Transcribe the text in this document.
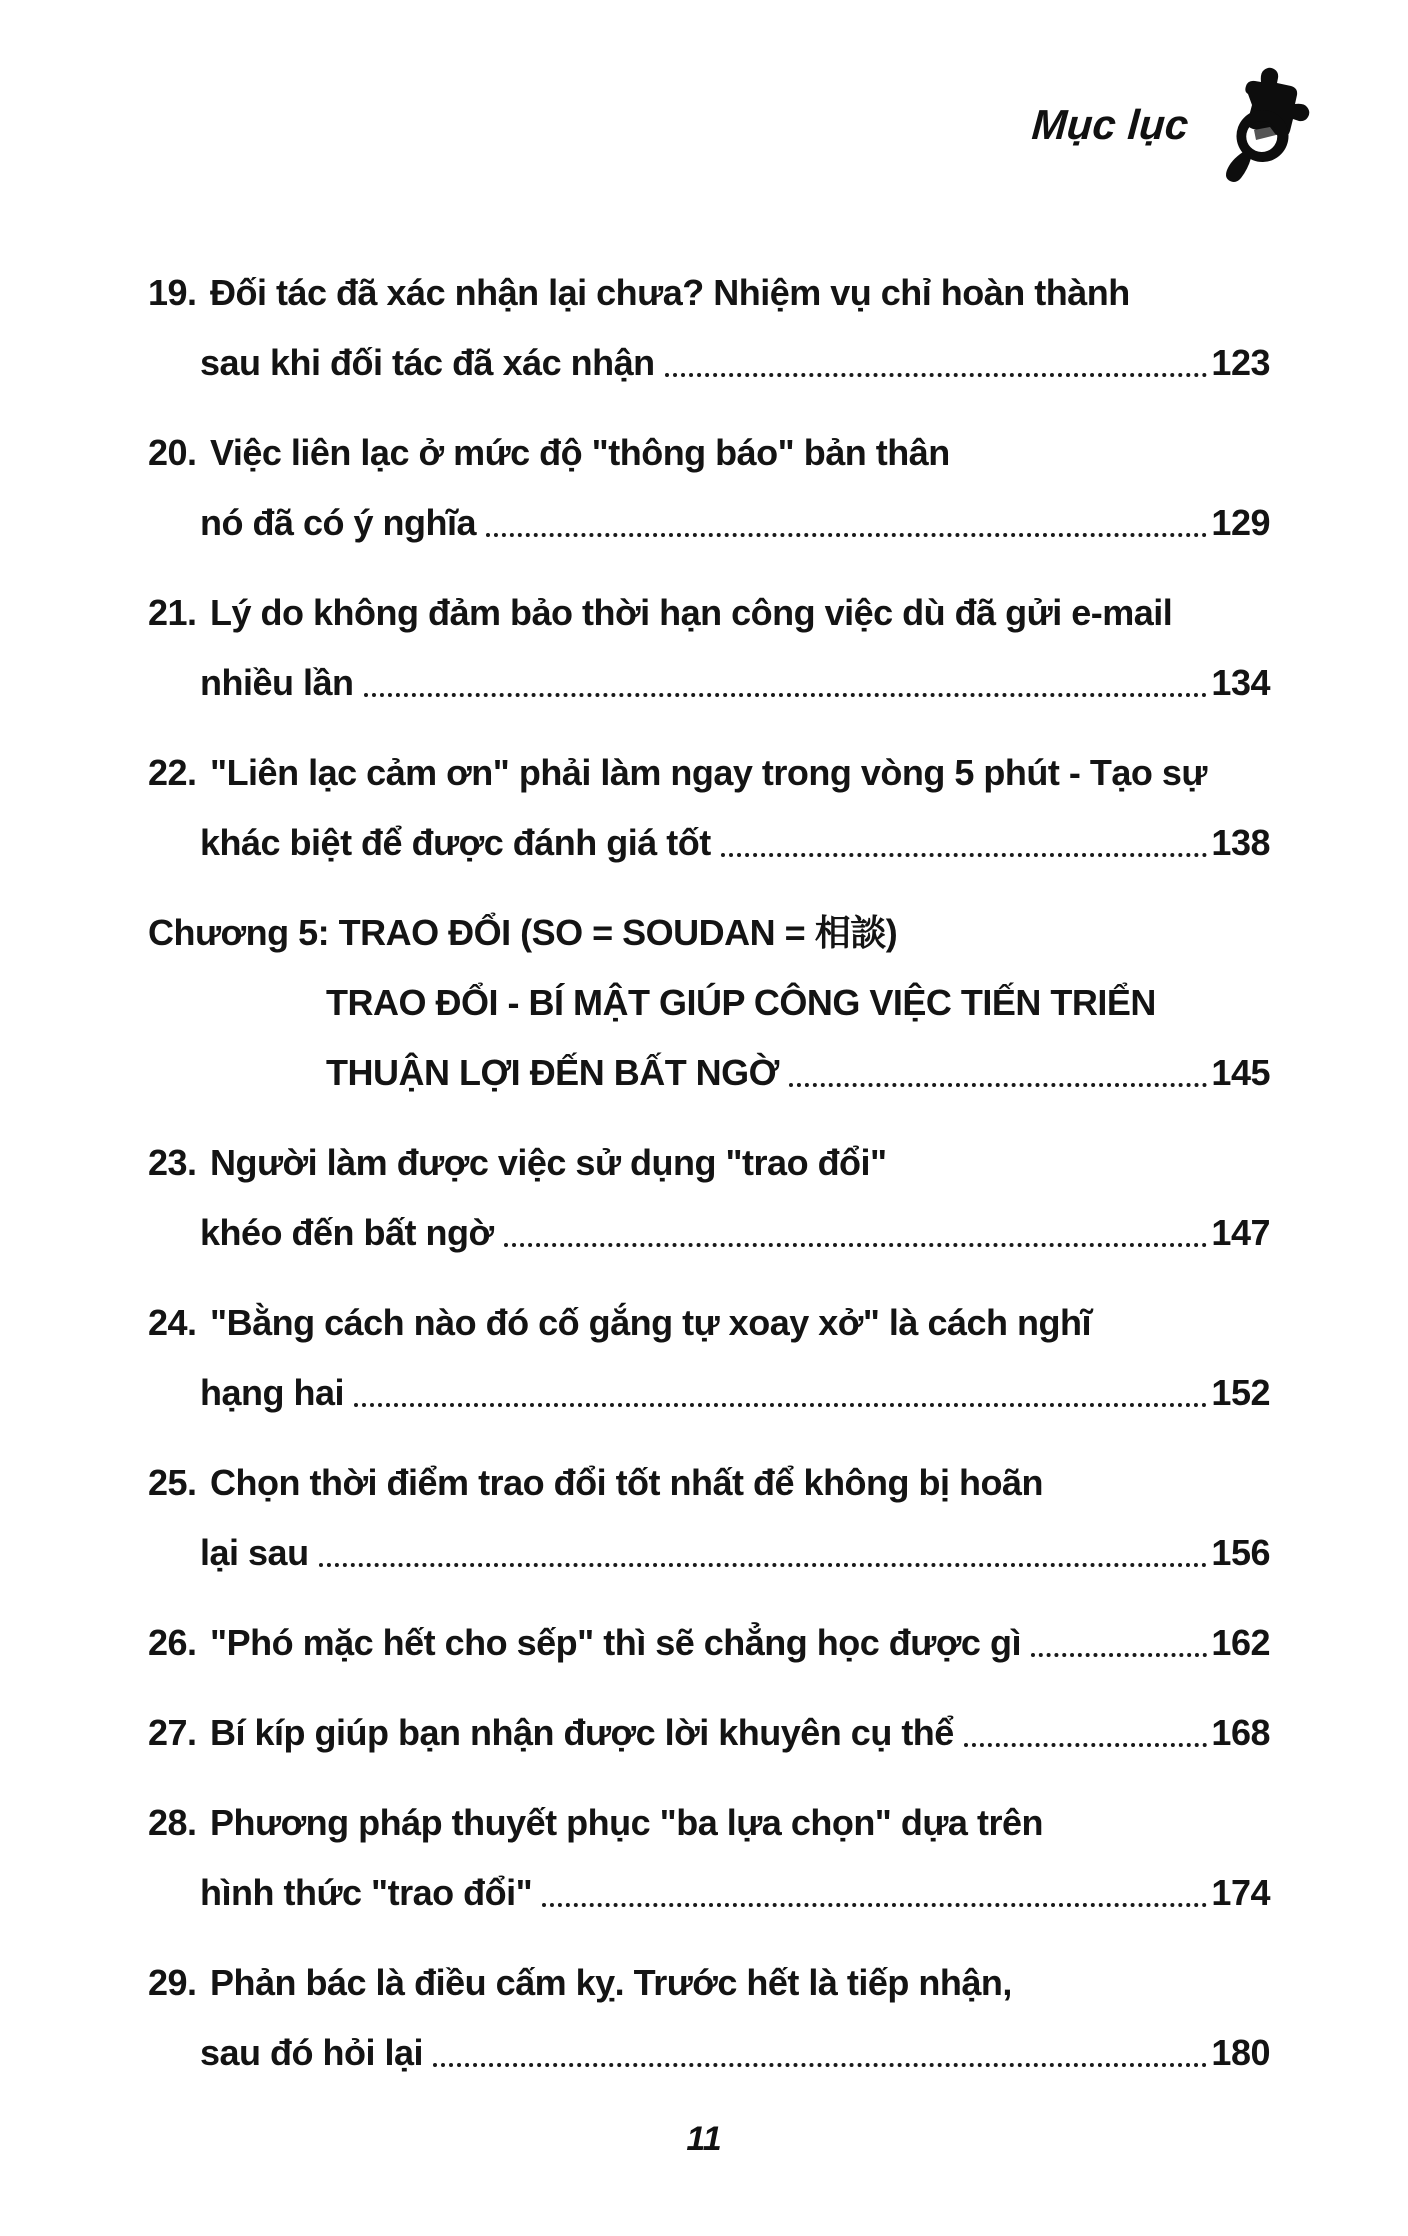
Mục lục
19. Đối tác đã xác nhận lại chưa? Nhiệm vụ chỉ hoàn thành
sau khi đối tác đã xác nhận	123
20. Việc liên lạc ở mức độ "thông báo" bản thân
nó đã có ý nghĩa	129
21. Lý do không đảm bảo thời hạn công việc dù đã gửi e-mail
nhiều lần	134
22. "Liên lạc cảm ơn" phải làm ngay trong vòng 5 phút - Tạo sự
khác biệt để được đánh giá tốt	138
Chương 5: TRAO ĐỔI (SO = SOUDAN = 相談)
TRAO ĐỔI - BÍ MẬT GIÚP CÔNG VIỆC TIẾN TRIỂN
THUẬN LỢI ĐẾN BẤT NGỜ	145
23. Người làm được việc sử dụng "trao đổi"
khéo đến bất ngờ	147
24. "Bằng cách nào đó cố gắng tự xoay xở" là cách nghĩ
hạng hai	152
25. Chọn thời điểm trao đổi tốt nhất để không bị hoãn
lại sau	156
26. "Phó mặc hết cho sếp" thì sẽ chẳng học được gì	162
27. Bí kíp giúp bạn nhận được lời khuyên cụ thể	168
28. Phương pháp thuyết phục "ba lựa chọn" dựa trên
hình thức "trao đổi"	174
29. Phản bác là điều cấm kỵ. Trước hết là tiếp nhận,
sau đó hỏi lại	180
11
